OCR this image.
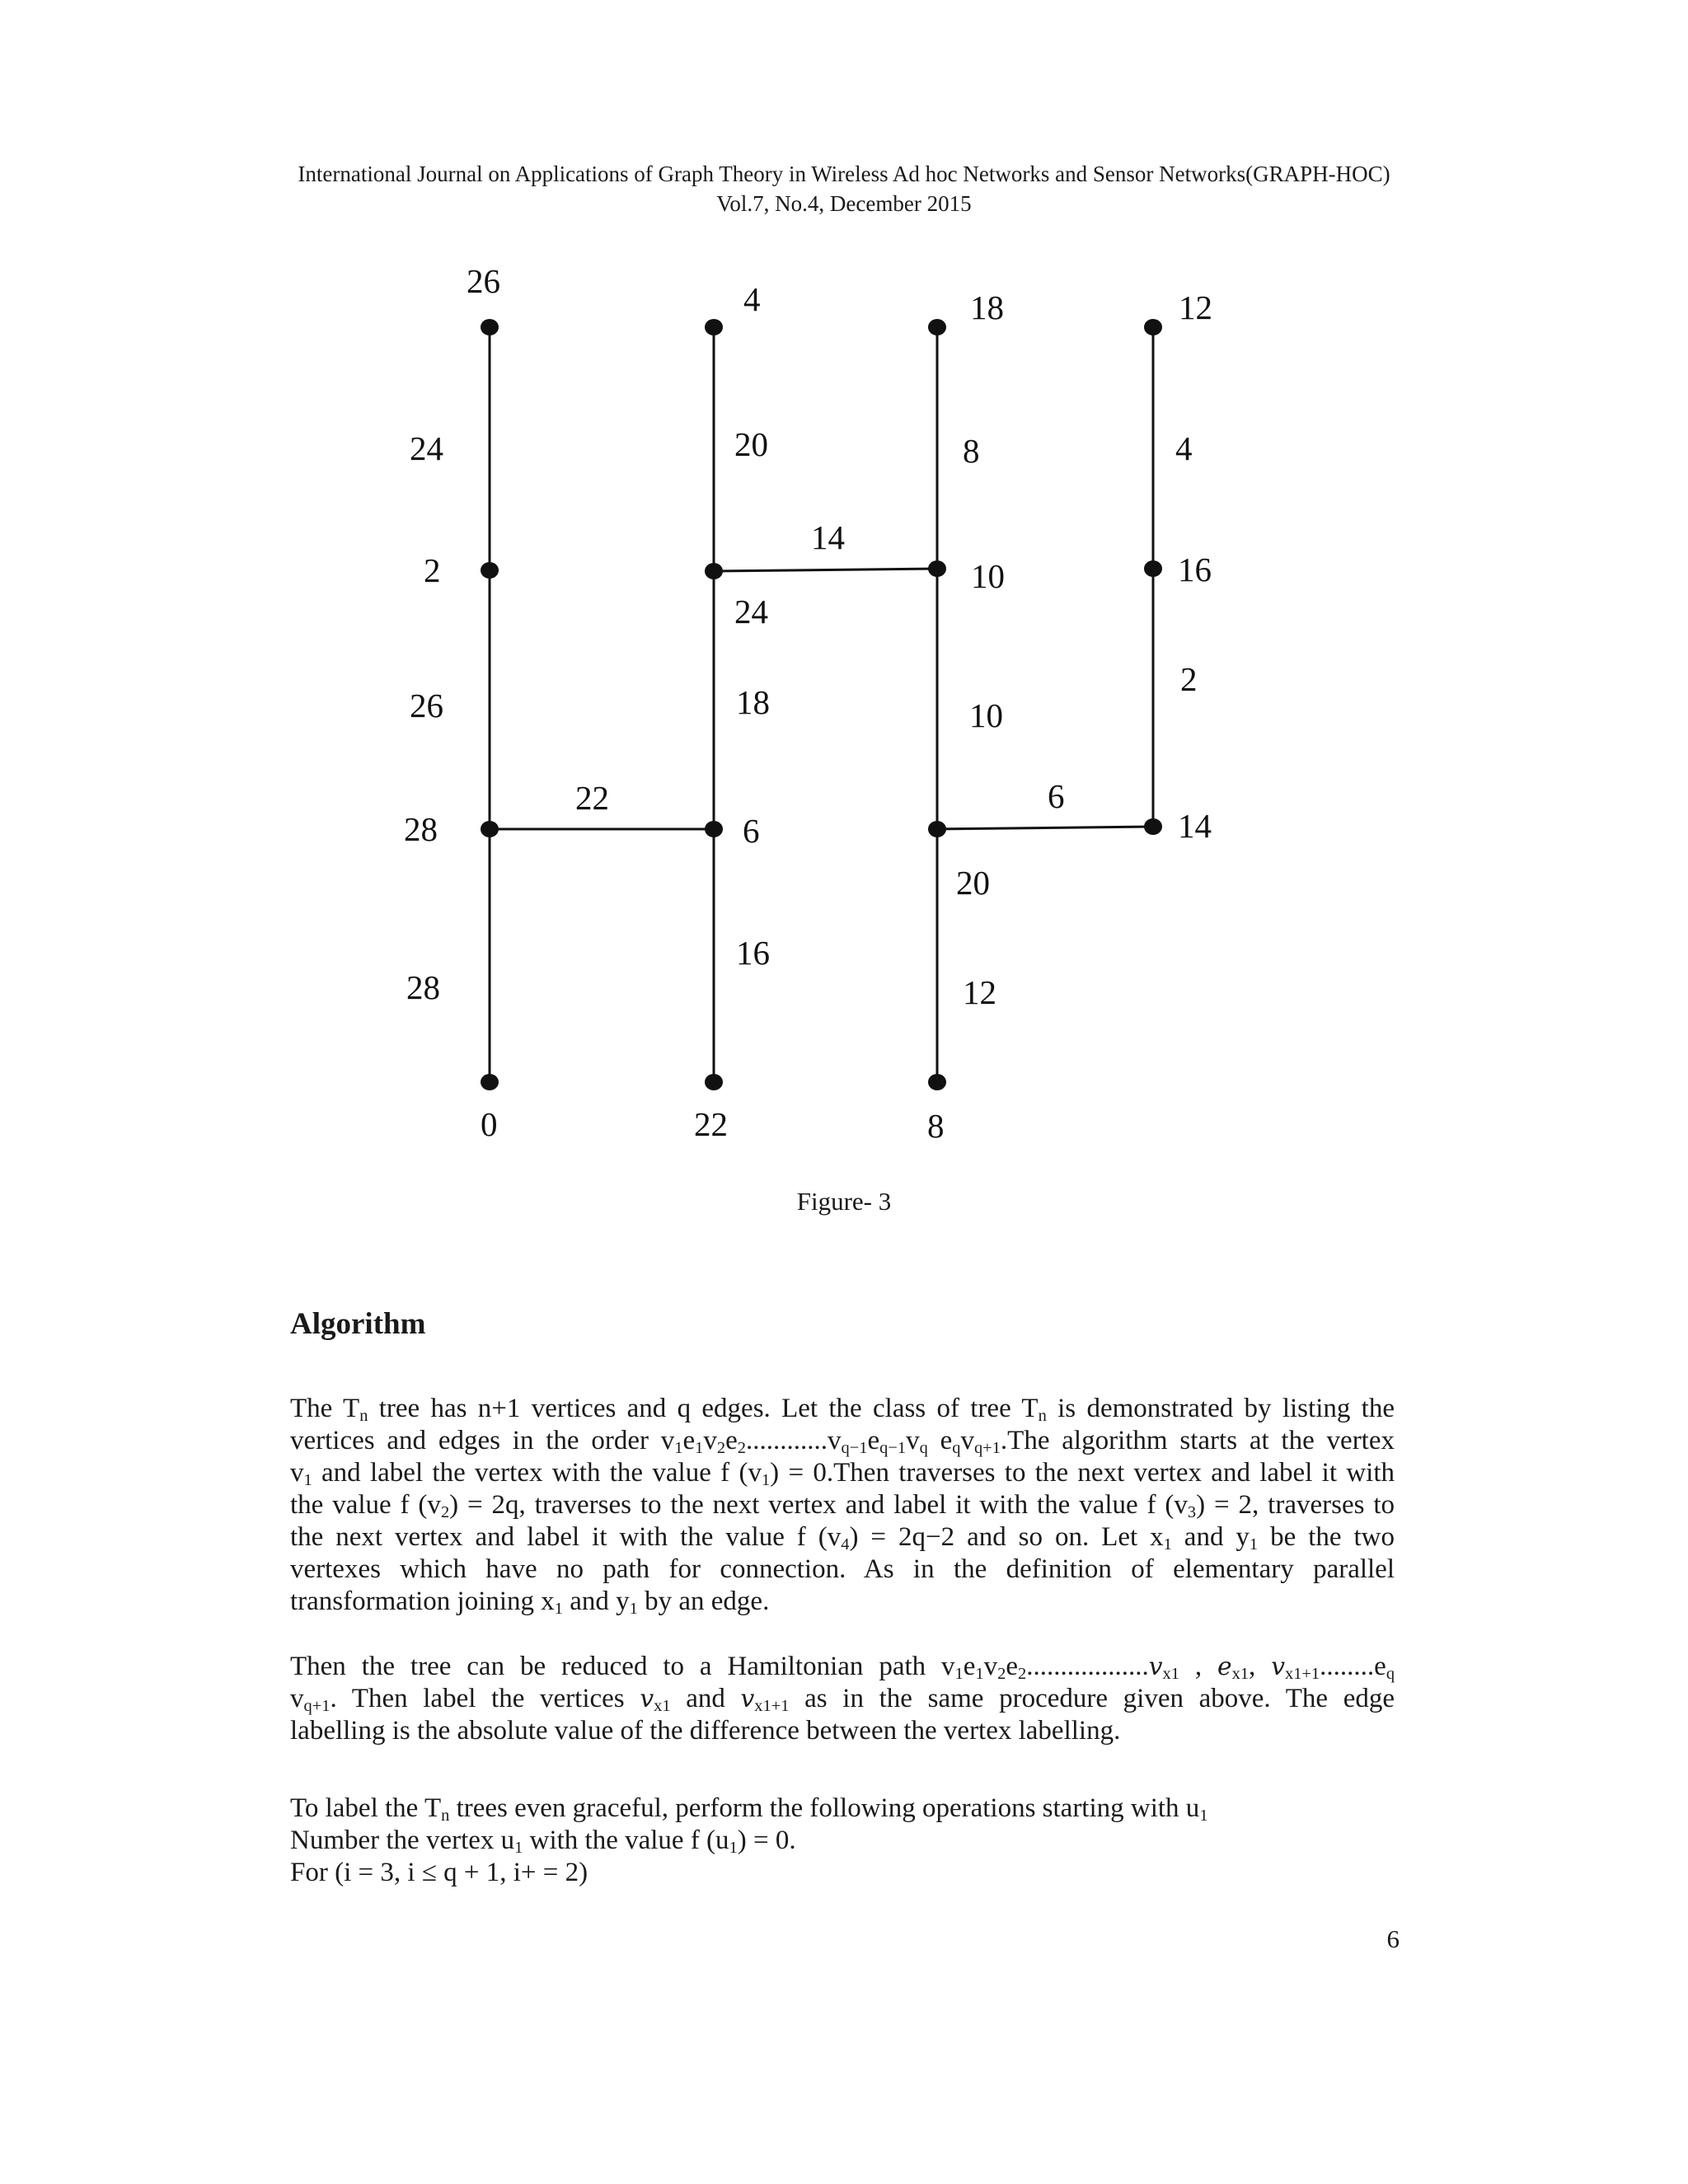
International Journal on Applications of Graph Theory in Wireless Ad hoc Networks and Sensor Networks(GRAPH-HOC)
Vol.7, No.4, December 2015
26
2
28
0
4
6
22
18
10
8
12
16
14
24
26
28
20
24
18
16
8
10
20
12
4
2
14
22	6
Figure- 3
Algorithm
The $T_n$ tree has n+1 vertices and q edges. Let the class of tree $T_n$ is demonstrated by listing the
vertices and edges in the order $v_1e_1v_2e_2............v_{q-1}e_{q-1}v_q$ $e_qv_{q+1}.The$ algorithm starts at the vertex
$v_1$ and label the vertex with the value f $(v_1)$ = 0.Then traverses to the next vertex and label it with
the value f $(v_2) = 2q$, traverses to the next vertex and label it with the value f $(v_3) = 2$, traverses to
the next vertex and label it with the value f $(v_4) = 2q-2$ and so on. Let $x_1$ and $y_1$ be the two
vertexes which have no path for connection. As in the definition of elementary parallel
transformation joining $x_1$ and $y_1$ by an edge.
Then the tree can be reduced to a Hamiltonian path $v_1e_1v_2e_2..................v_{x1}$ , $e_{x1}$, $v_{x1+1}........e_q$
$v_{q+1}$. Then label the vertices $v_{x1}$ and $v_{x1+1}$ as in the same procedure given above. The edge
labelling is the absolute value of the difference between the vertex labelling.
To label the $T_n$ trees even graceful, perform the following operations starting with $u_1$
Number the vertex $u_1$ with the value f $(u_1) = 0$.
For (i = 3, i ≤ q + 1, i+ = 2)
6
